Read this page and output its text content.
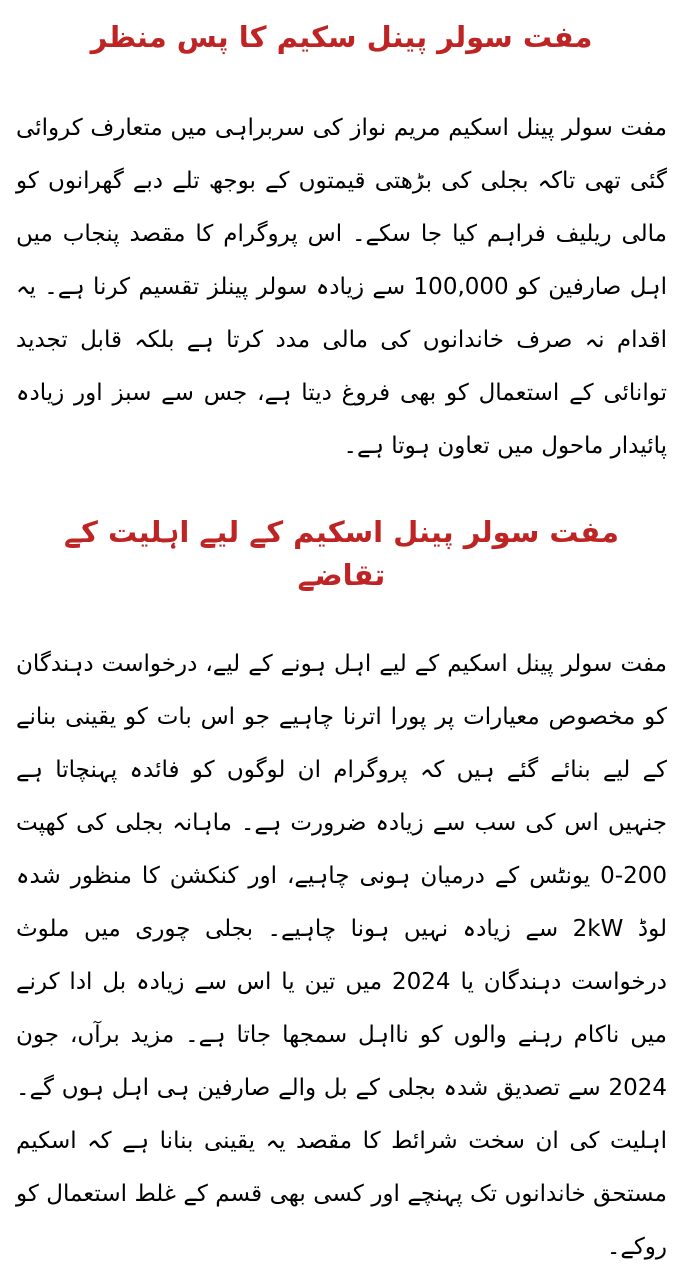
مفت سولر پینل سکیم کا پس منظر

مفت سولر پینل اسکیم مریم نواز کی سربراہی میں متعارف کروائی گئی تھی تاکہ بجلی کی بڑھتی قیمتوں کے بوجھ تلے دبے گھرانوں کو مالی ریلیف فراہم کیا جا سکے۔ اس پروگرام کا مقصد پنجاب میں اہل صارفین کو 100,000 سے زیادہ سولر پینلز تقسیم کرنا ہے۔ یہ اقدام نہ صرف خاندانوں کی مالی مدد کرتا ہے بلکہ قابل تجدید توانائی کے استعمال کو بھی فروغ دیتا ہے، جس سے سبز اور زیادہ پائیدار ماحول میں تعاون ہوتا ہے۔

مفت سولر پینل اسکیم کے لیے اہلیت کے تقاضے

مفت سولر پینل اسکیم کے لیے اہل ہونے کے لیے، درخواست دہندگان کو مخصوص معیارات پر پورا اترنا چاہیے جو اس بات کو یقینی بنانے کے لیے بنائے گئے ہیں کہ پروگرام ان لوگوں کو فائدہ پہنچاتا ہے جنہیں اس کی سب سے زیادہ ضرورت ہے۔ ماہانہ بجلی کی کھپت 200-0 یونٹس کے درمیان ہونی چاہیے، اور کنکشن کا منظور شدہ لوڈ 2kW سے زیادہ نہیں ہونا چاہیے۔ بجلی چوری میں ملوث درخواست دہندگان یا 2024 میں تین یا اس سے زیادہ بل ادا کرنے میں ناکام رہنے والوں کو نااہل سمجھا جاتا ہے۔ مزید برآں، جون 2024 سے تصدیق شدہ بجلی کے بل والے صارفین ہی اہل ہوں گے۔ اہلیت کی ان سخت شرائط کا مقصد یہ یقینی بنانا ہے کہ اسکیم مستحق خاندانوں تک پہنچے اور کسی بھی قسم کے غلط استعمال کو روکے۔
